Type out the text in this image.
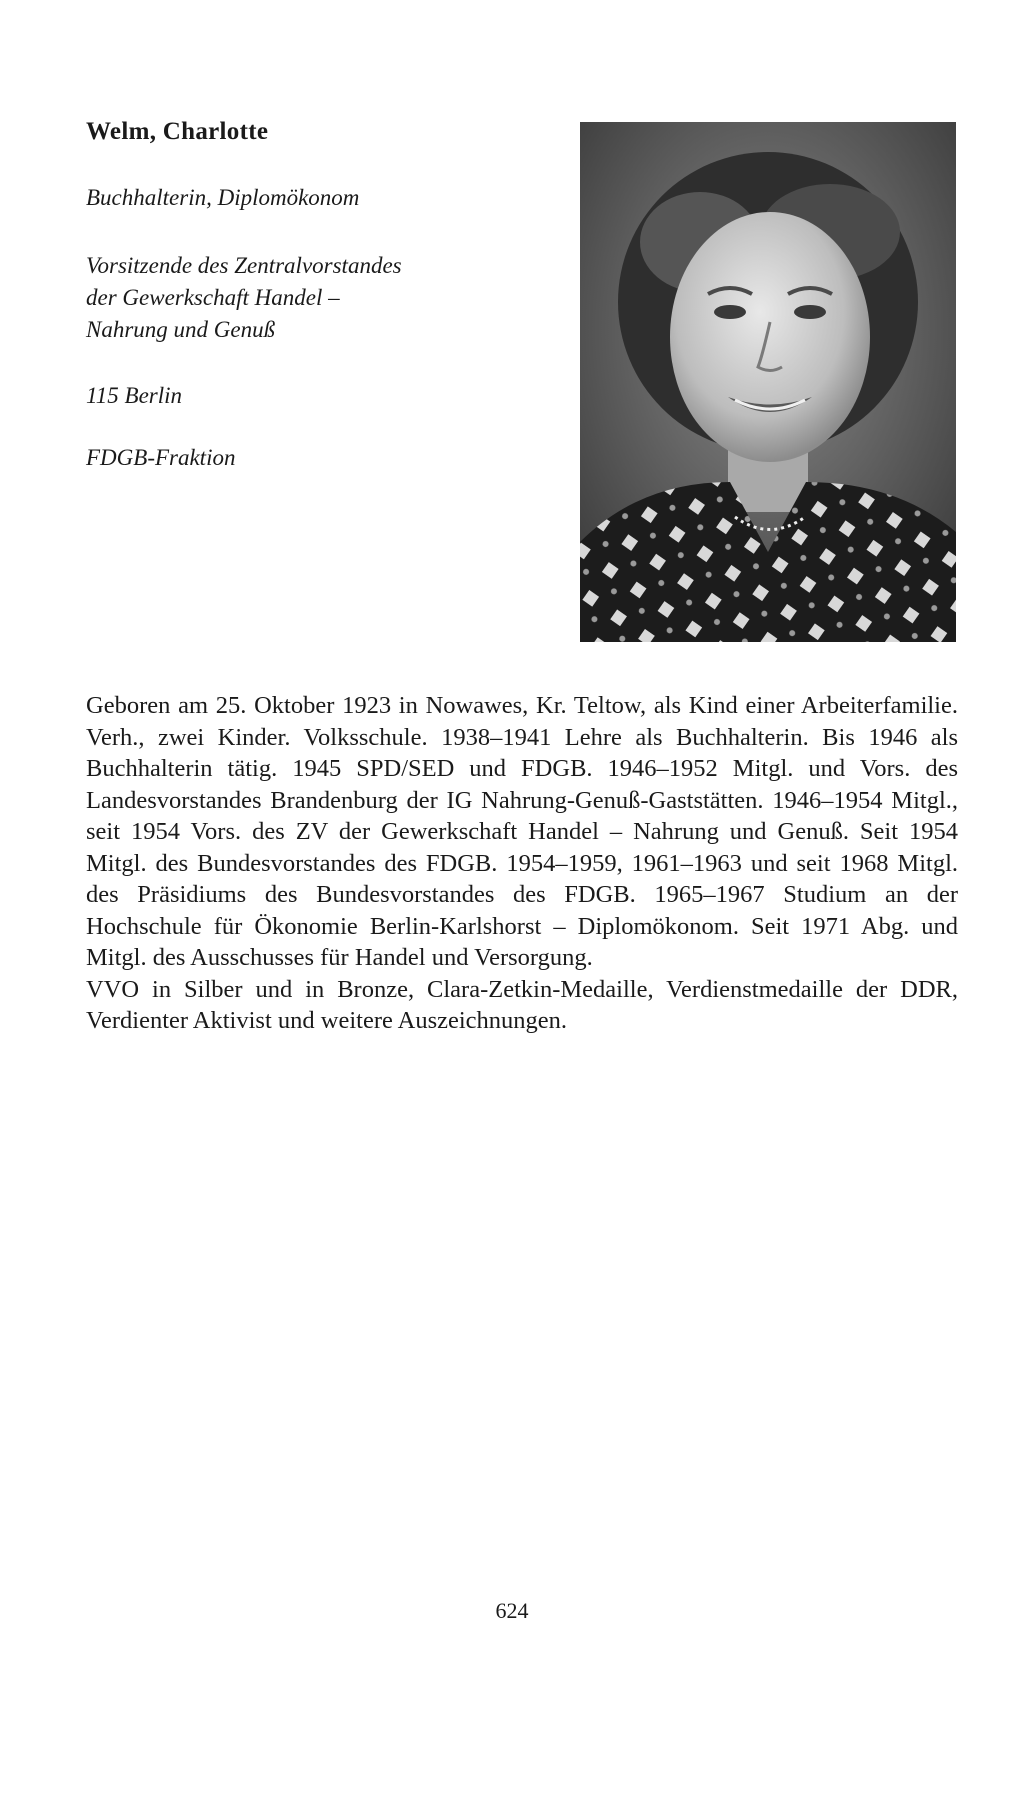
Welm, Charlotte
Buchhalterin, Diplomökonom
Vorsitzende des Zentralvorstandes
der Gewerkschaft Handel –
Nahrung und Genuß
115 Berlin
FDGB-Fraktion

Geboren am 25. Oktober 1923 in Nowawes, Kr. Teltow, als Kind einer Arbeiterfamilie. Verh., zwei Kinder. Volksschule. 1938–1941 Lehre als Buchhalterin. Bis 1946 als Buchhalterin tätig. 1945 SPD/SED und FDGB. 1946–1952 Mitgl. und Vors. des Landesvorstandes Brandenburg der IG Nahrung-Genuß-Gaststätten. 1946–1954 Mitgl., seit 1954 Vors. des ZV der Gewerkschaft Handel – Nahrung und Genuß. Seit 1954 Mitgl. des Bundesvorstandes des FDGB. 1954–1959, 1961–1963 und seit 1968 Mitgl. des Präsidiums des Bundesvorstandes des FDGB. 1965–1967 Studium an der Hochschule für Ökonomie Berlin-Karlshorst – Diplomökonom. Seit 1971 Abg. und Mitgl. des Ausschusses für Handel und Versorgung.

VVO in Silber und in Bronze, Clara-Zetkin-Medaille, Verdienstmedaille der DDR, Verdienter Aktivist und weitere Auszeichnungen.

624
